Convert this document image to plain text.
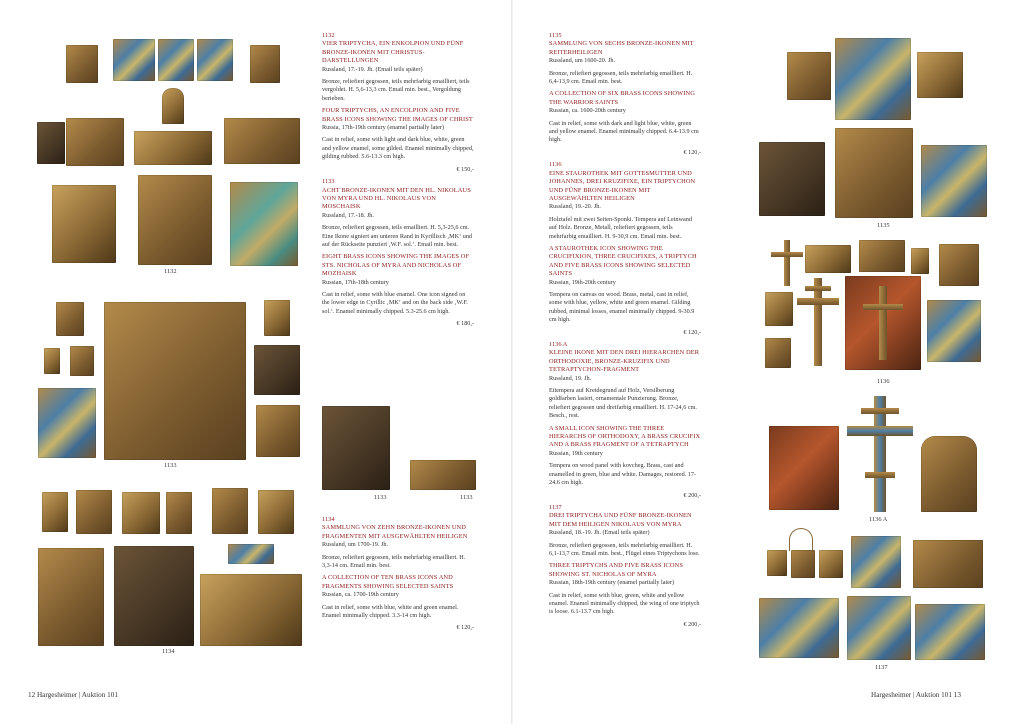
1132
1133
1134
1133	1133
1132
VIER TRIPTYCHA, EIN ENKOLPION UND FÜNF BRONZE-IKONEN MIT CHRISTUS-DARSTELLUNGEN
Russland, 17.-19. Jh. (Email teils später)
Bronze, reliefiert gegossen, teils mehrfarbig emailliert, teils vergoldet. H. 5,6-13,3 cm. Email min. best., Vergoldung berieben.
FOUR TRIPTYCHS, AN ENCOLPION AND FIVE BRASS ICONS SHOWING THE IMAGES OF CHRIST
Russia, 17th-19th century (enamel partially later)
Cast in relief, some with light and dark blue, white, green and yellow enamel, some gilded. Enamel minimally chipped, gilding rubbed. 5.6-13.3 cm high.
€ 150,-
1133
ACHT BRONZE-IKONEN MIT DEN HL. NIKOLAUS VON MYRA UND HL. NIKOLAUS VON MOSCHAISK
Russland, 17.-18. Jh.
Bronze, reliefiert gegossen, teils emailliert. H. 5,3-25,6 cm. Eine Ikone signiert am unteren Rand in Kyrillisch ‚MK‘ und auf der Rückseite punziert ‚W.F. sol.‘. Email min. best.
EIGHT BRASS ICONS SHOWING THE IMAGES OF STS. NICHOLAS OF MYRA AND NICHOLAS OF MOZHAISK
Russian, 17th-18th century
Cast in relief, some with blue enamel. One icon signed on the lower edge in Cyrillic ‚MK‘ and on the back side ‚W.F. sol.‘. Enamel minimally chipped. 5.3-25.6 cm high.
€ 180,-
1134
SAMMLUNG VON ZEHN BRONZE-IKONEN UND FRAGMENTEN MIT AUSGEWÄHLTEN HEILIGEN
Russland, um 1700-19. Jh.
Bronze, reliefiert gegossen, teils mehrfarbig emailliert. H. 3,3-14 cm. Email min. best.
A COLLECTION OF TEN BRASS ICONS AND FRAGMENTS SHOWING SELECTED SAINTS
Russian, ca. 1700-19th century
Cast in relief, some with blue, white and green enamel. Enamel minimally chipped. 3.3-14 cm high.
€ 120,-
12 Hargesheimer | Auktion 101
1135
SAMMLUNG VON SECHS BRONZE-IKONEN MIT REITERHEILIGEN
Russland, um 1600-20. Jh.
Bronze, reliefiert gegossen, teils mehrfarbig emailliert. H. 6,4-13,9 cm. Email min. best.
A COLLECTION OF SIX BRASS ICONS SHOWING THE WARRIOR SAINTS
Russian, ca. 1600-20th century
Cast in relief, some with dark and light blue, white, green and yellow enamel. Enamel minimally chipped. 6.4-13.9 cm high.
€ 120,-
1136
EINE STAUROTHEK MIT GOTTESMUTTER UND JOHANNES, DREI KRUZIFIXE, EIN TRIPTYCHON UND FÜNF BRONZE-IKONEN MIT AUSGEWÄHLTEN HEILIGEN
Russland, 19.-20. Jh.
Holztafel mit zwei Seiten-Sponki. Tempera auf Leinwand auf Holz. Bronze, Metall, reliefiert gegossen, teils mehrfarbig emailliert. H. 9-30,9 cm. Email min. best.
A STAUROTHEK ICON SHOWING THE CRUCIFIXION, THREE CRUCIFIXES, A TRIPTYCH AND FIVE BRASS ICONS SHOWING SELECTED SAINTS
Russian, 19th-20th century
Tempera on canvas on wood. Brass, metal, cast in relief, some with blue, yellow, white and green enamel. Gilding rubbed, minimal losses, enamel minimally chipped. 9-30.9 cm high.
€ 120,-
1136 A
KLEINE IKONE MIT DEN DREI HIERARCHEN DER ORTHODOXIE, BRONZE-KRUZIFIX UND TETRAPTYCHON-FRAGMENT
Russland, 19. Jh.
Eitempera auf Kreidegrund auf Holz, Versilberung goldfarben lasiert, ornamentale Punzierung. Bronze, reliefiert gegossen und dreifarbig emailliert. H. 17-24,6 cm. Besch., rest.
A SMALL ICON SHOWING THE THREE HIERARCHS OF ORTHODOXY, A BRASS CRUCIFIX AND A BRASS FRAGMENT OF A TETRAPTYCH
Russian, 19th century
Tempera on wood panel with kovcheg. Brass, cast and enamelled in green, blue and white. Damages, restored. 17-24.6 cm high.
€ 200,-
1137
DREI TRIPTYCHA UND FÜNF BRONZE-IKONEN MIT DEM HEILIGEN NIKOLAUS VON MYRA
Russland, 18.-19. Jh. (Email teils später)
Bronze, reliefiert gegossen, teils mehrfarbig emailliert. H. 6,1-13,7 cm. Email min. best., Flügel eines Triptychons lose.
THREE TRIPTYCHS AND FIVE BRASS ICONS SHOWING ST. NICHOLAS OF MYRA
Russian, 18th-19th century (enamel partially later)
Cast in relief, some with blue, green, white and yellow enamel. Enamel minimally chipped, the wing of one triptych is loose. 6.1-13.7 cm high.
€ 200,-
1135
1136
1136 A
1137
Hargesheimer | Auktion 101 13
